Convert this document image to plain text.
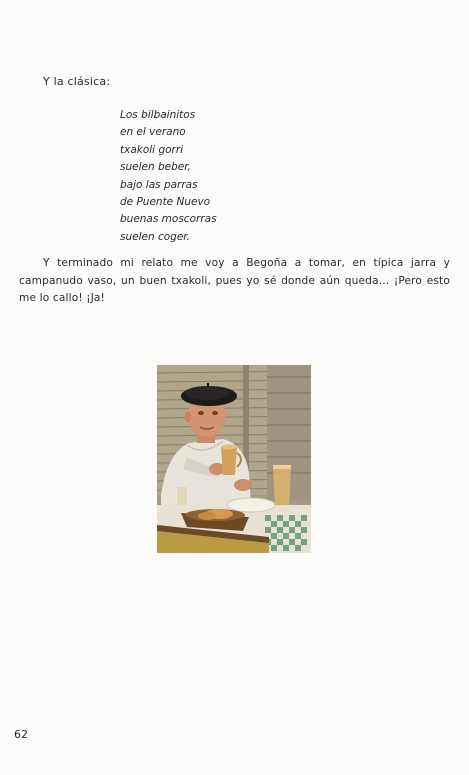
Y la clásica:

Los bilbainitos
en el verano
txakoli gorri
suelen beber,
bajo las parras
de Puente Nuevo
buenas moscorras
suelen coger.

Y terminado mi relato me voy a Begoña a tomar, en típica jarra y campanudo vaso, un buen txakoli, pues yo sé donde aún queda... ¡Pero esto me lo callo! ¡Ja!

62
